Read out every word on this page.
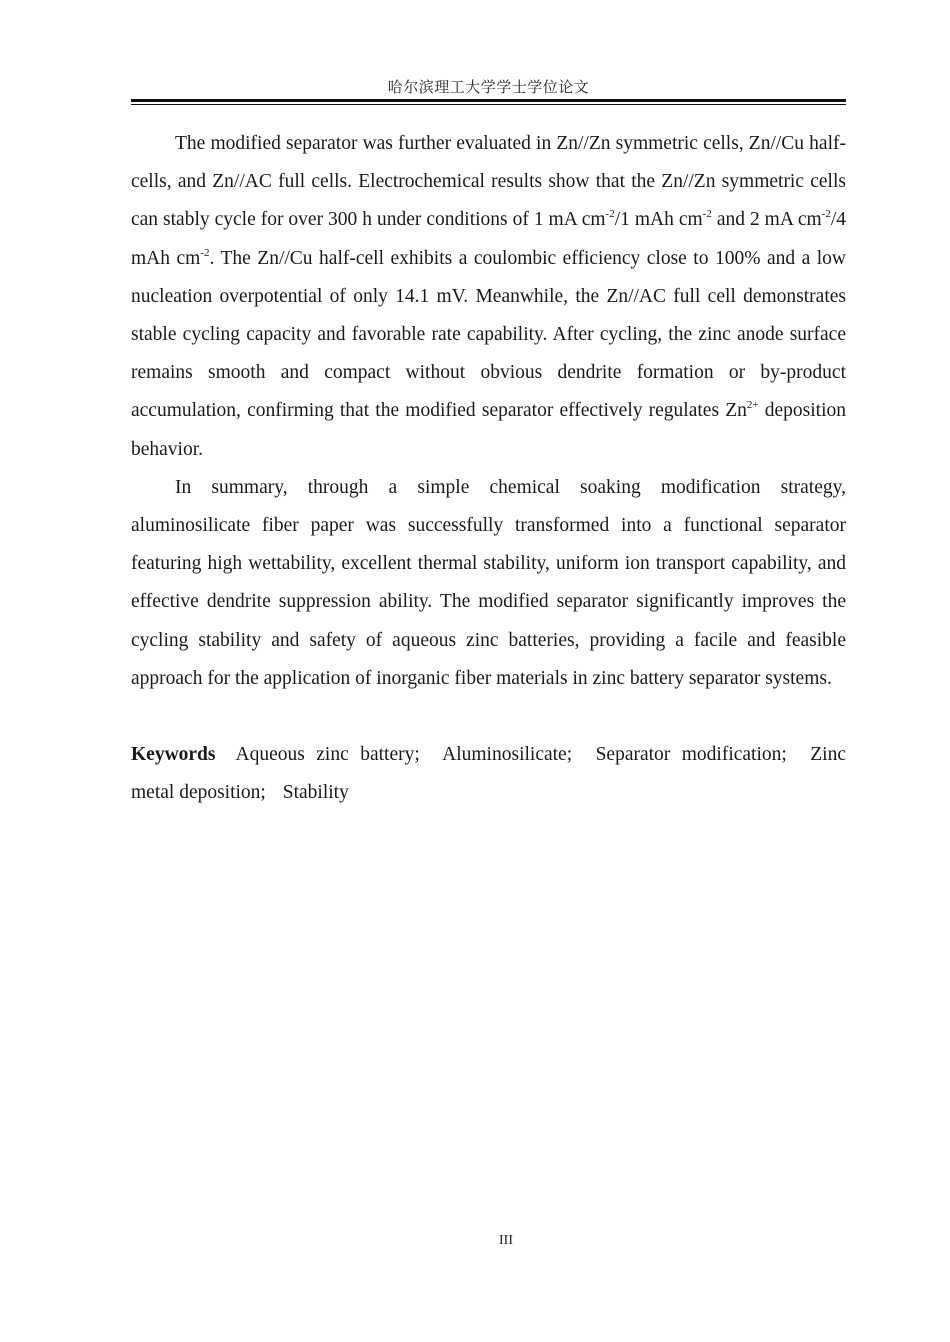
哈尔滨理工大学学士学位论文

The modified separator was further evaluated in Zn//Zn symmetric cells, Zn//Cu half-cells, and Zn//AC full cells. Electrochemical results show that the Zn//Zn symmetric cells can stably cycle for over 300 h under conditions of 1 mA $cm^{-2}/1$ mAh $cm^{-2}$ and 2 mA $cm^{-2}/4$ mAh $cm^{-2}$. The Zn//Cu half-cell exhibits a coulombic efficiency close to 100% and a low nucleation overpotential of only 14.1 mV. Meanwhile, the Zn//AC full cell demonstrates stable cycling capacity and favorable rate capability. After cycling, the zinc anode surface remains smooth and compact without obvious dendrite formation or by-product accumulation, confirming that the modified separator effectively regulates $Zn^{2+}$ deposition behavior.

In summary, through a simple chemical soaking modification strategy, aluminosilicate fiber paper was successfully transformed into a functional separator featuring high wettability, excellent thermal stability, uniform ion transport capability, and effective dendrite suppression ability. The modified separator significantly improves the cycling stability and safety of aqueous zinc batteries, providing a facile and feasible approach for the application of inorganic fiber materials in zinc battery separator systems.

Keywords Aqueous zinc battery; Aluminosilicate; Separator modification; Zinc metal deposition; Stability
III
